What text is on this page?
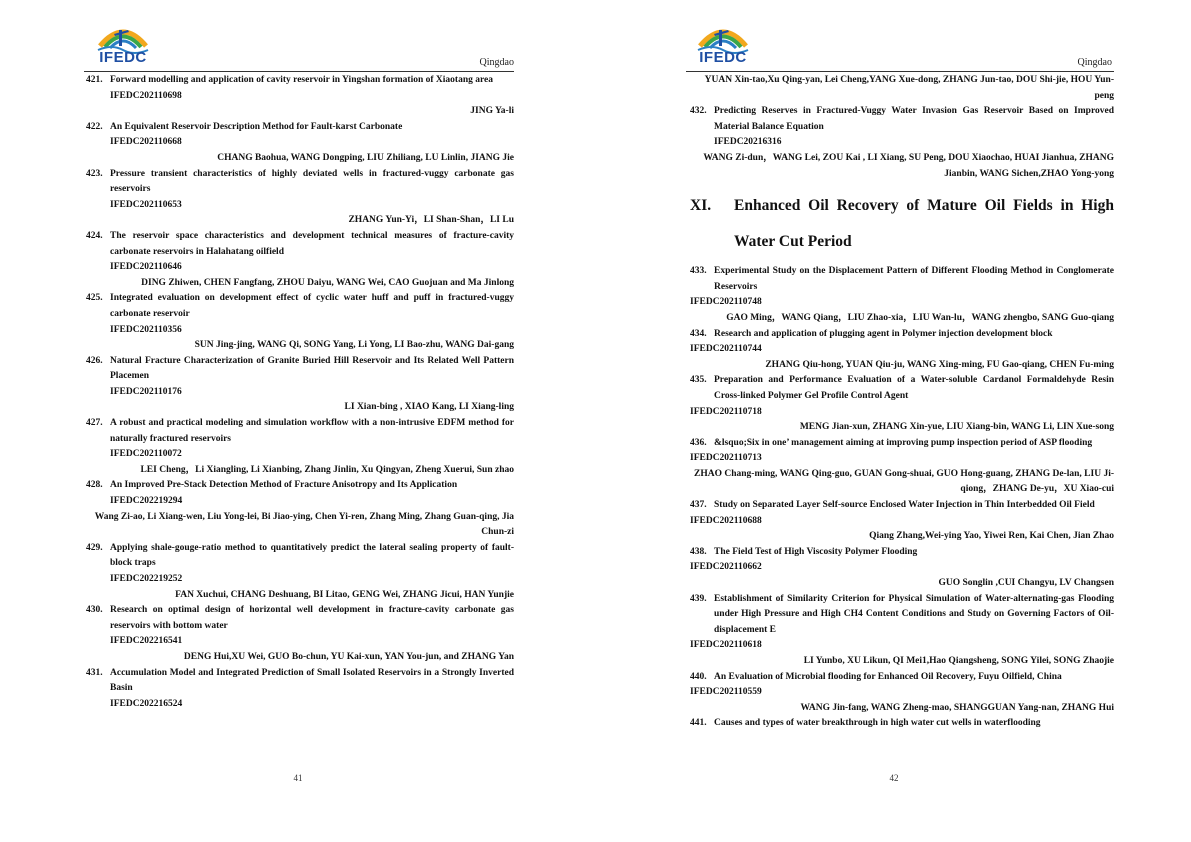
IFEDC	Qingdao

421. Forward modelling and application of cavity reservoir in Yingshan formation of Xiaotang area

IFEDC202110698

JING Ya-li

422. An Equivalent Reservoir Description Method for Fault-karst Carbonate

IFEDC202110668

CHANG Baohua, WANG Dongping, LIU Zhiliang, LU Linlin, JIANG Jie

423. Pressure transient characteristics of highly deviated wells in fractured-vuggy carbonate gas reservoirs

IFEDC202110653

ZHANG Yun-Yi，LI Shan-Shan，LI Lu

424. The reservoir space characteristics and development technical measures of fracture-cavity carbonate reservoirs in Halahatang oilfield

IFEDC202110646

DING Zhiwen, CHEN Fangfang, ZHOU Daiyu, WANG Wei, CAO Guojuan and Ma Jinlong

425. Integrated evaluation on development effect of cyclic water huff and puff in fractured-vuggy carbonate reservoir

IFEDC202110356

SUN Jing-jing, WANG Qi, SONG Yang, Li Yong, LI Bao-zhu, WANG Dai-gang

426. Natural Fracture Characterization of Granite Buried Hill Reservoir and Its Related Well Pattern Placemen

IFEDC202110176

LI Xian-bing , XIAO Kang, LI Xiang-ling

427. A robust and practical modeling and simulation workflow with a non-intrusive EDFM method for naturally fractured reservoirs

IFEDC202110072

LEI Cheng，Li Xiangling, Li Xianbing, Zhang Jinlin, Xu Qingyan, Zheng Xuerui, Sun zhao

428. An Improved Pre-Stack Detection Method of Fracture Anisotropy and Its Application

IFEDC202219294

Wang Zi-ao, Li Xiang-wen, Liu Yong-lei, Bi Jiao-ying, Chen Yi-ren, Zhang Ming, Zhang Guan-qing, Jia Chun-zi

429. Applying shale-gouge-ratio method to quantitatively predict the lateral sealing property of fault-block traps

IFEDC202219252

FAN Xuchui, CHANG Deshuang, BI Litao, GENG Wei, ZHANG Jicui, HAN Yunjie

430. Research on optimal design of horizontal well development in fracture-cavity carbonate gas reservoirs with bottom water

IFEDC202216541

DENG Hui,XU Wei, GUO Bo-chun, YU Kai-xun, YAN You-jun, and ZHANG Yan

431. Accumulation Model and Integrated Prediction of Small Isolated Reservoirs in a Strongly Inverted Basin

IFEDC202216524

41
IFEDC	Qingdao

YUAN Xin-tao,Xu Qing-yan, Lei Cheng,YANG Xue-dong, ZHANG Jun-tao, DOU Shi-jie, HOU Yun-peng

432. Predicting Reserves in Fractured-Vuggy Water Invasion Gas Reservoir Based on Improved Material Balance Equation

IFEDC20216316

WANG Zi-dun，WANG Lei, ZOU Kai , LI Xiang, SU Peng, DOU Xiaochao, HUAI Jianhua, ZHANG Jianbin, WANG Sichen,ZHAO Yong-yong

XI. Enhanced Oil Recovery of Mature Oil Fields in High Water Cut Period

433. Experimental Study on the Displacement Pattern of Different Flooding Method in Conglomerate Reservoirs

IFEDC202110748

GAO Ming，WANG Qiang，LIU Zhao-xia，LIU Wan-lu，WANG zhengbo, SANG Guo-qiang

434. Research and application of plugging agent in Polymer injection development block

IFEDC202110744

ZHANG Qiu-hong, YUAN Qiu-ju, WANG Xing-ming, FU Gao-qiang, CHEN Fu-ming

435. Preparation and Performance Evaluation of a Water-soluble Cardanol Formaldehyde Resin Cross-linked Polymer Gel Profile Control Agent

IFEDC202110718

MENG Jian-xun, ZHANG Xin-yue, LIU Xiang-bin, WANG Li, LIN Xue-song

436. &lsquo;Six in one’ management aiming at improving pump inspection period of ASP flooding

IFEDC202110713

ZHAO Chang-ming, WANG Qing-guo, GUAN Gong-shuai, GUO Hong-guang, ZHANG De-lan, LIU Ji-qiong，ZHANG De-yu，XU Xiao-cui

437. Study on Separated Layer Self-source Enclosed Water Injection in Thin Interbedded Oil Field

IFEDC202110688

Qiang Zhang,Wei-ying Yao, Yiwei Ren, Kai Chen, Jian Zhao

438. The Field Test of High Viscosity Polymer Flooding

IFEDC202110662

GUO Songlin ,CUI Changyu, LV Changsen

439. Establishment of Similarity Criterion for Physical Simulation of Water-alternating-gas Flooding under High Pressure and High CH4 Content Conditions and Study on Governing Factors of Oil-displacement E

IFEDC202110618

LI Yunbo, XU Likun, QI Mei1,Hao Qiangsheng, SONG Yilei, SONG Zhaojie

440. An Evaluation of Microbial flooding for Enhanced Oil Recovery, Fuyu Oilfield, China

IFEDC202110559

WANG Jin-fang, WANG Zheng-mao, SHANGGUAN Yang-nan, ZHANG Hui

441. Causes and types of water breakthrough in high water cut wells in waterflooding

42
